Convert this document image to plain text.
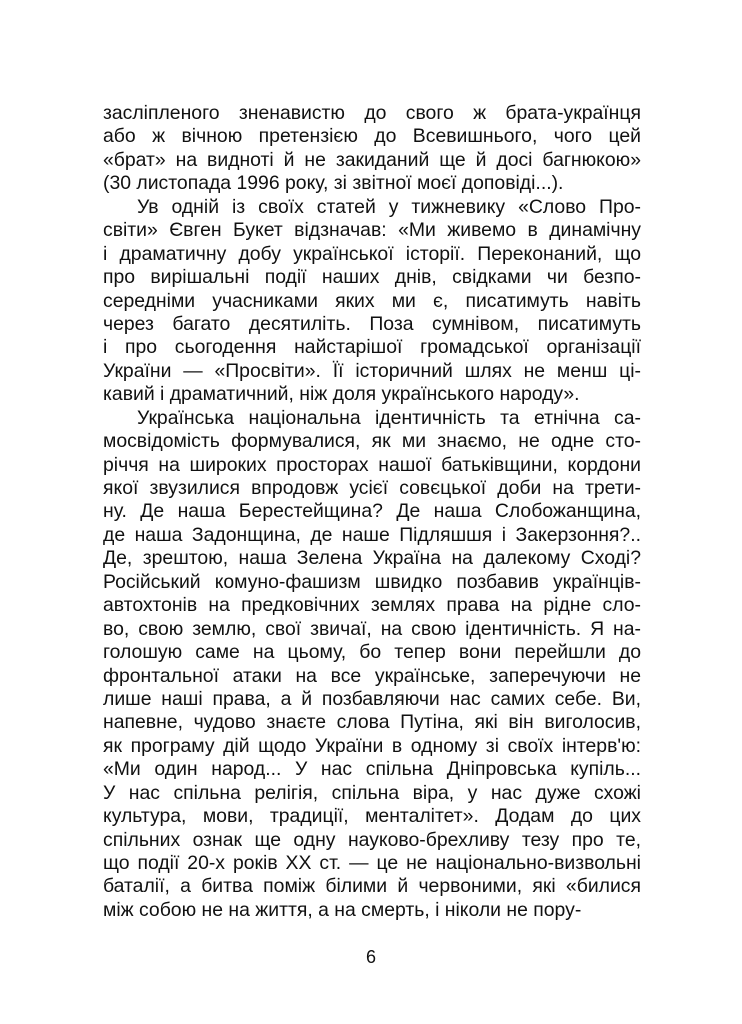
засліпленого зненавистю до свого ж брата-українця
або ж вічною претензією до Всевишнього, чого цей
«брат» на видноті й не закиданий ще й досі багнюкою»
(30 листопада 1996 року, зі звітної моєї доповіді...).
Ув одній із своїх статей у тижневику «Слово Про-
світи» Євген Букет відзначав: «Ми живемо в динамічну
і драматичну добу української історії. Переконаний, що
про вирішальні події наших днів, свідками чи безпо-
середніми учасниками яких ми є, писатимуть навіть
через багато десятиліть. Поза сумнівом, писатимуть
і про сьогодення найстарішої громадської організації
України — «Просвіти». Її історичний шлях не менш ці-
кавий і драматичний, ніж доля українського народу».
Українська національна ідентичність та етнічна са-
мосвідомість формувалися, як ми знаємо, не одне сто-
річчя на широких просторах нашої батьківщини, кордони
якої звузилися впродовж усієї совєцької доби на трети-
ну. Де наша Берестейщина? Де наша Слобожанщина,
де наша Задонщина, де наше Підляшшя і Закерзоння?..
Де, зрештою, наша Зелена Україна на далекому Сході?
Російський комуно-фашизм швидко позбавив українців-
автохтонів на предковічних землях права на рідне сло-
во, свою землю, свої звичаї, на свою ідентичність. Я на-
голошую саме на цьому, бо тепер вони перейшли до
фронтальної атаки на все українське, заперечуючи не
лише наші права, а й позбавляючи нас самих себе. Ви,
напевне, чудово знаєте слова Путіна, які він виголосив,
як програму дій щодо України в одному зі своїх інтерв'ю:
«Ми один народ... У нас спільна Дніпровська купіль...
У нас спільна релігія, спільна віра, у нас дуже схожі
культура, мови, традиції, менталітет». Додам до цих
спільних ознак ще одну науково-брехливу тезу про те,
що події 20-х років XX ст. — це не національно-визвольні
баталії, а битва поміж білими й червоними, які «билися
між собою не на життя, а на смерть, і ніколи не пору-
6
